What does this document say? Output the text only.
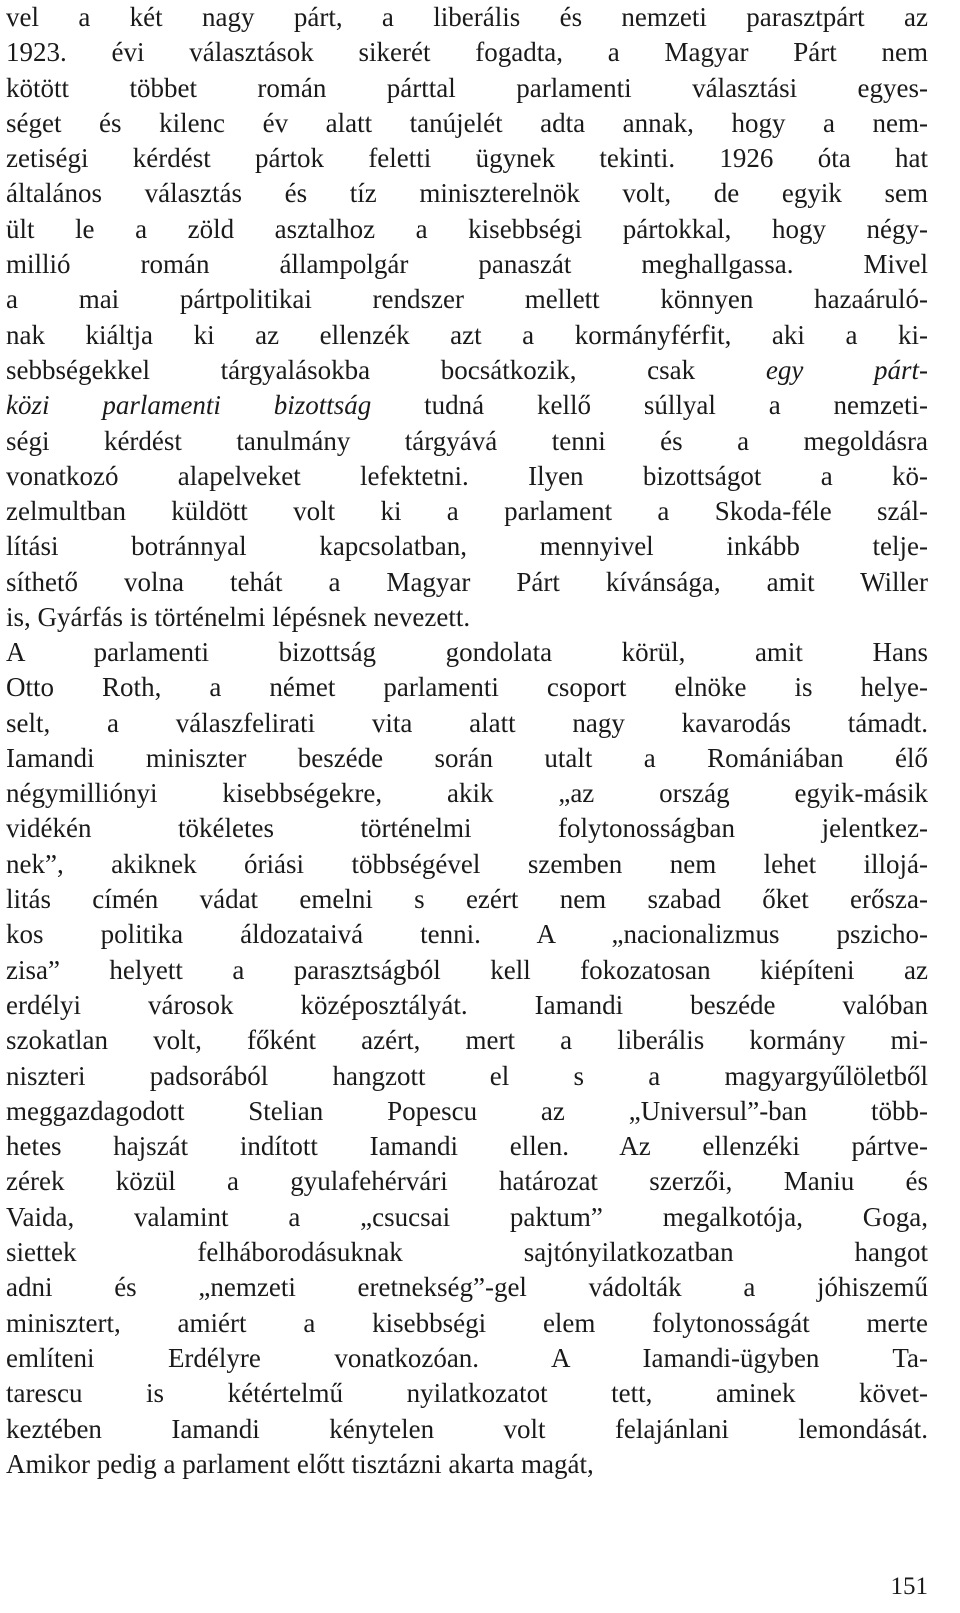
vel a két nagy párt, a liberális és nemzeti parasztpárt az
1923. évi választások sikerét fogadta, a Magyar Párt nem
kötött többet román párttal parlamenti választási egyes-
séget és kilenc év alatt tanújelét adta annak, hogy a nem-
zetiségi kérdést pártok feletti ügynek tekinti. 1926 óta hat
általános választás és tíz miniszterelnök volt, de egyik sem
ült le a zöld asztalhoz a kisebbségi pártokkal, hogy négy-
millió román állampolgár panaszát meghallgassa. Mivel
a mai pártpolitikai rendszer mellett könnyen hazaáruló-
nak kiáltja ki az ellenzék azt a kormányférfit, aki a ki-
sebbségekkel tárgyalásokba bocsátkozik, csak egy párt-
közi parlamenti bizottság tudná kellő súllyal a nemzeti-
ségi kérdést tanulmány tárgyává tenni és a megoldásra
vonatkozó alapelveket lefektetni. Ilyen bizottságot a kö-
zelmultban küldött volt ki a parlament a Skoda-féle szál-
lítási botránnyal kapcsolatban, mennyivel inkább telje-
síthető volna tehát a Magyar Párt kívánsága, amit Willer
is, Gyárfás is történelmi lépésnek nevezett.
A parlamenti bizottság gondolata körül, amit Hans
Otto Roth, a német parlamenti csoport elnöke is helye-
selt, a válaszfelirati vita alatt nagy kavarodás támadt.
Iamandi miniszter beszéde során utalt a Romániában élő
négymilliónyi kisebbségekre, akik „az ország egyik-másik
vidékén tökéletes történelmi folytonosságban jelentkez-
nek”, akiknek óriási többségével szemben nem lehet illojá-
litás címén vádat emelni s ezért nem szabad őket erősza-
kos politika áldozataivá tenni. A „nacionalizmus pszicho-
zisa” helyett a parasztságból kell fokozatosan kiépíteni az
erdélyi városok középosztályát. Iamandi beszéde valóban
szokatlan volt, főként azért, mert a liberális kormány mi-
niszteri padsorából hangzott el s a magyargyűlöletből
meggazdagodott Stelian Popescu az „Universul”-ban több-
hetes hajszát indított Iamandi ellen. Az ellenzéki pártve-
zérek közül a gyulafehérvári határozat szerzői, Maniu és
Vaida, valamint a „csucsai paktum” megalkotója, Goga,
siettek felháborodásuknak sajtónyilatkozatban hangot
adni és „nemzeti eretnekség”-gel vádolták a jóhiszemű
minisztert, amiért a kisebbségi elem folytonosságát merte
említeni Erdélyre vonatkozóan. A Iamandi-ügyben Ta-
tarescu is kétértelmű nyilatkozatot tett, aminek követ-
keztében Iamandi kénytelen volt felajánlani lemondását.
Amikor pedig a parlament előtt tisztázni akarta magát,
151
